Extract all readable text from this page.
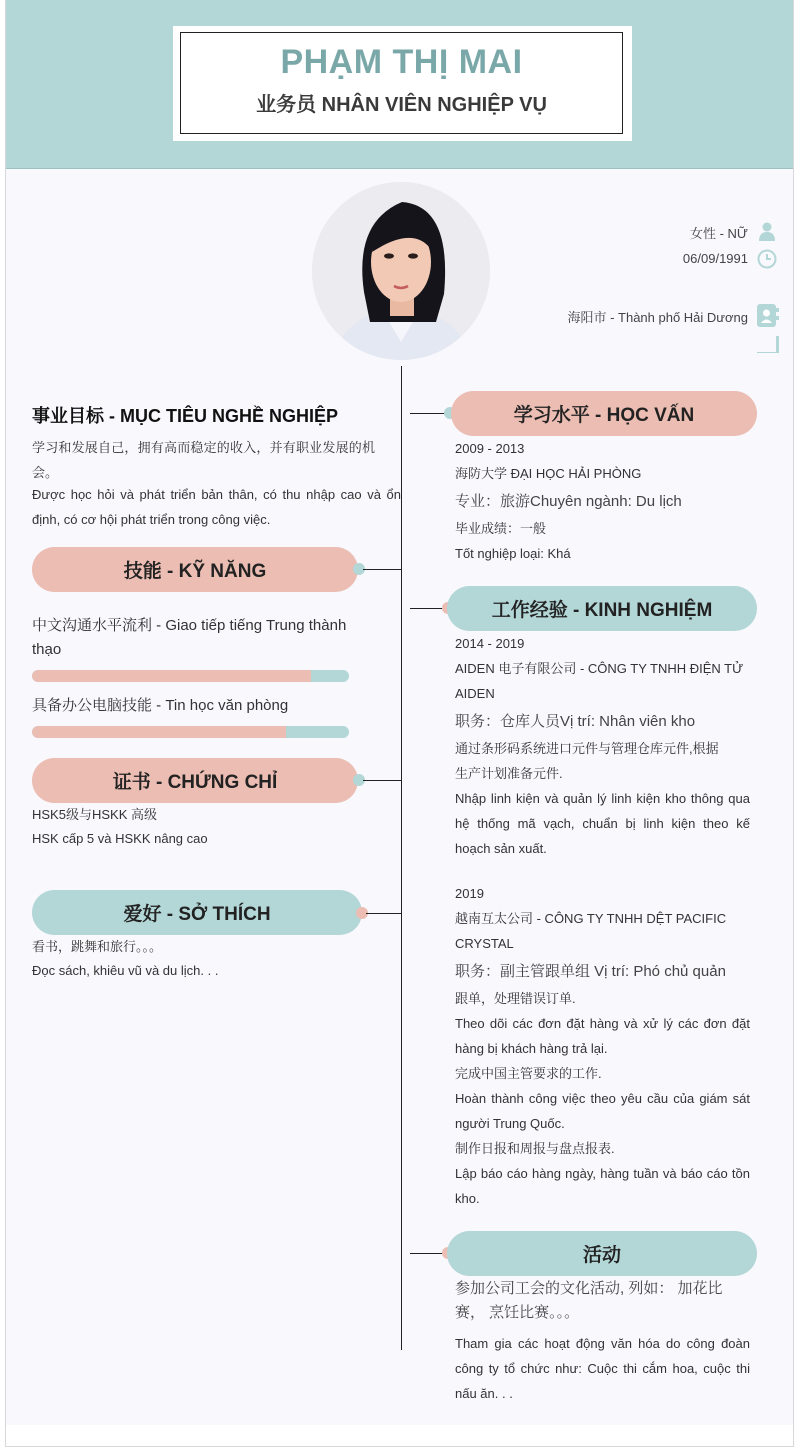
PHẠM THỊ MAI
业务员 NHÂN VIÊN NGHIỆP VỤ
女性 - NỮ
06/09/1991
海阳市 - Thành phố Hải Dương
事业目标 - MỤC TIÊU NGHỀ NGHIỆP
学习和发展自己，拥有高而稳定的收入，并有职业发展的机会。
Được học hỏi và phát triển bản thân, có thu nhập cao và ổn định, có cơ hội phát triển trong công việc.
技能 - KỸ NĂNG
中文沟通水平流利 - Giao tiếp tiếng Trung thành thạo
具备办公电脑技能 - Tin học văn phòng
证书 - CHỨNG CHỈ
HSK5级与HSKK 高级
HSK cấp 5 và HSKK nâng cao
爱好 - SỞ THÍCH
看书，跳舞和旅行。。。
Đọc sách, khiêu vũ và du lịch. . .
学习水平 - HỌC VẤN
2009 - 2013
海防大学 ĐẠI HỌC HẢI PHÒNG
专业：旅游Chuyên ngành: Du lịch
毕业成绩：一般
Tốt nghiệp loại: Khá
工作经验 - KINH NGHIỆM
2014 - 2019
AIDEN 电子有限公司 - CÔNG TY TNHH ĐIỆN TỬ AIDEN
职务：仓库人员Vị trí: Nhân viên kho
通过条形码系统进口元件与管理仓库元件,根据生产计划准备元件.
Nhập linh kiện và quản lý linh kiện kho thông qua hệ thống mã vạch, chuẩn bị linh kiện theo kế hoạch sản xuất.
2019
越南互太公司 - CÔNG TY TNHH DỆT PACIFIC CRYSTAL
职务：副主管跟单组 Vị trí: Phó chủ quản
跟单，处理错误订单.
Theo dõi các đơn đặt hàng và xử lý các đơn đặt hàng bị khách hàng trả lại.
完成中国主管要求的工作.
Hoàn thành công việc theo yêu cầu của giám sát người Trung Quốc.
制作日报和周报与盘点报表.
Lập báo cáo hàng ngày, hàng tuần và báo cáo tồn kho.
活动
参加公司工会的文化活动, 列如： 加花比赛， 烹饪比赛。。。
Tham gia các hoạt động văn hóa do công đoàn công ty tổ chức như: Cuộc thi cắm hoa, cuộc thi nấu ăn. . .
